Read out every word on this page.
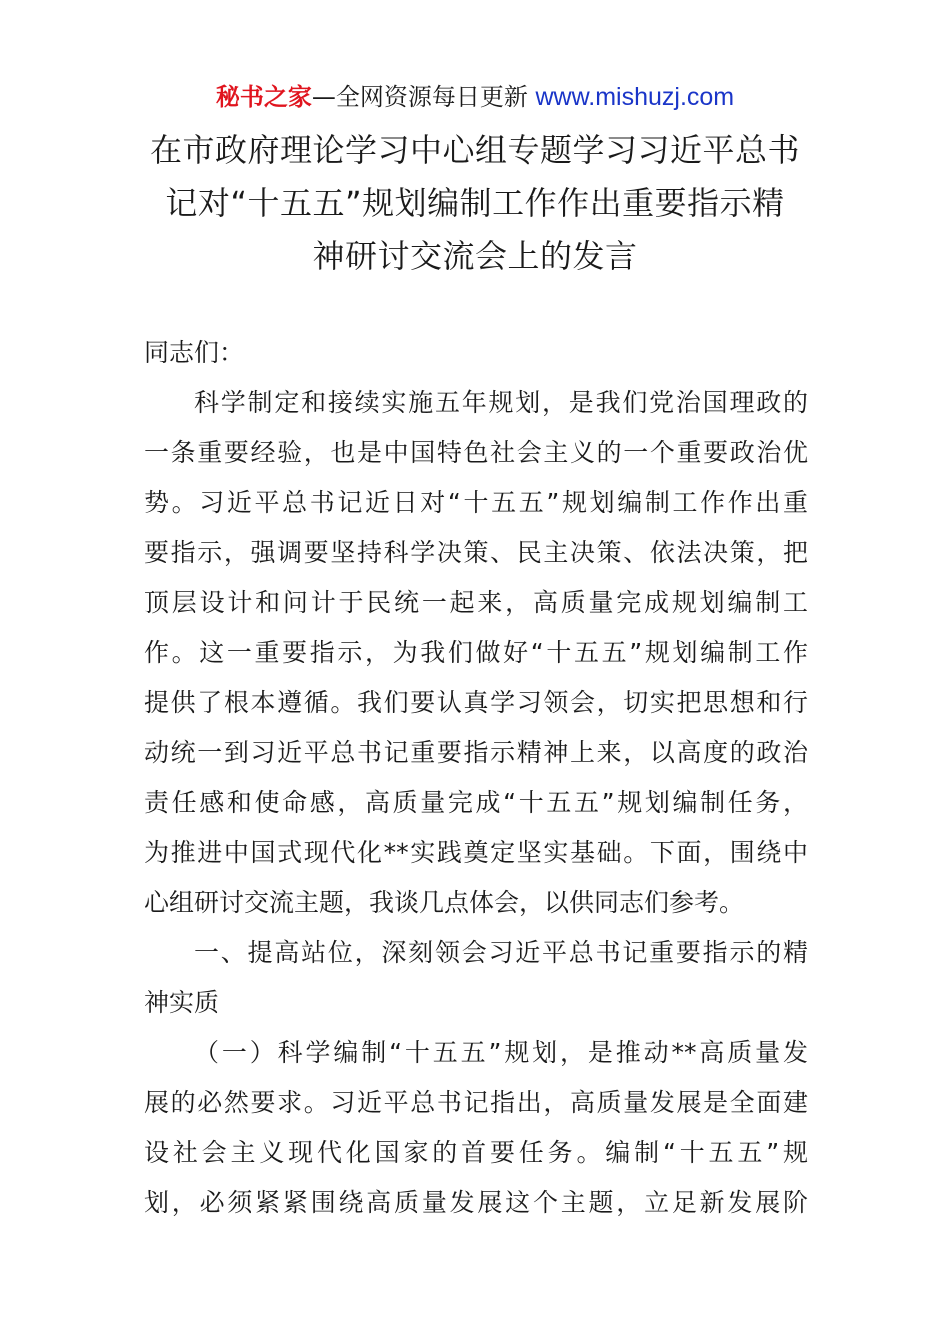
秘书之家—全网资源每日更新 www.mishuzj.com
在市政府理论学习中心组专题学习习近平总书
记对“十五五”规划编制工作作出重要指示精
神研讨交流会上的发言
同志们：
科学制定和接续实施五年规划，是我们党治国理政的
一条重要经验，也是中国特色社会主义的一个重要政治优
势。习近平总书记近日对“十五五”规划编制工作作出重
要指示，强调要坚持科学决策、民主决策、依法决策，把
顶层设计和问计于民统一起来，高质量完成规划编制工
作。这一重要指示，为我们做好“十五五”规划编制工作
提供了根本遵循。我们要认真学习领会，切实把思想和行
动统一到习近平总书记重要指示精神上来，以高度的政治
责任感和使命感，高质量完成“十五五”规划编制任务，
为推进中国式现代化**实践奠定坚实基础。下面，围绕中
心组研讨交流主题，我谈几点体会，以供同志们参考。
一、提高站位，深刻领会习近平总书记重要指示的精
神实质
（一）科学编制“十五五”规划，是推动**高质量发
展的必然要求。习近平总书记指出，高质量发展是全面建
设社会主义现代化国家的首要任务。编制“十五五”规
划，必须紧紧围绕高质量发展这个主题，立足新发展阶
